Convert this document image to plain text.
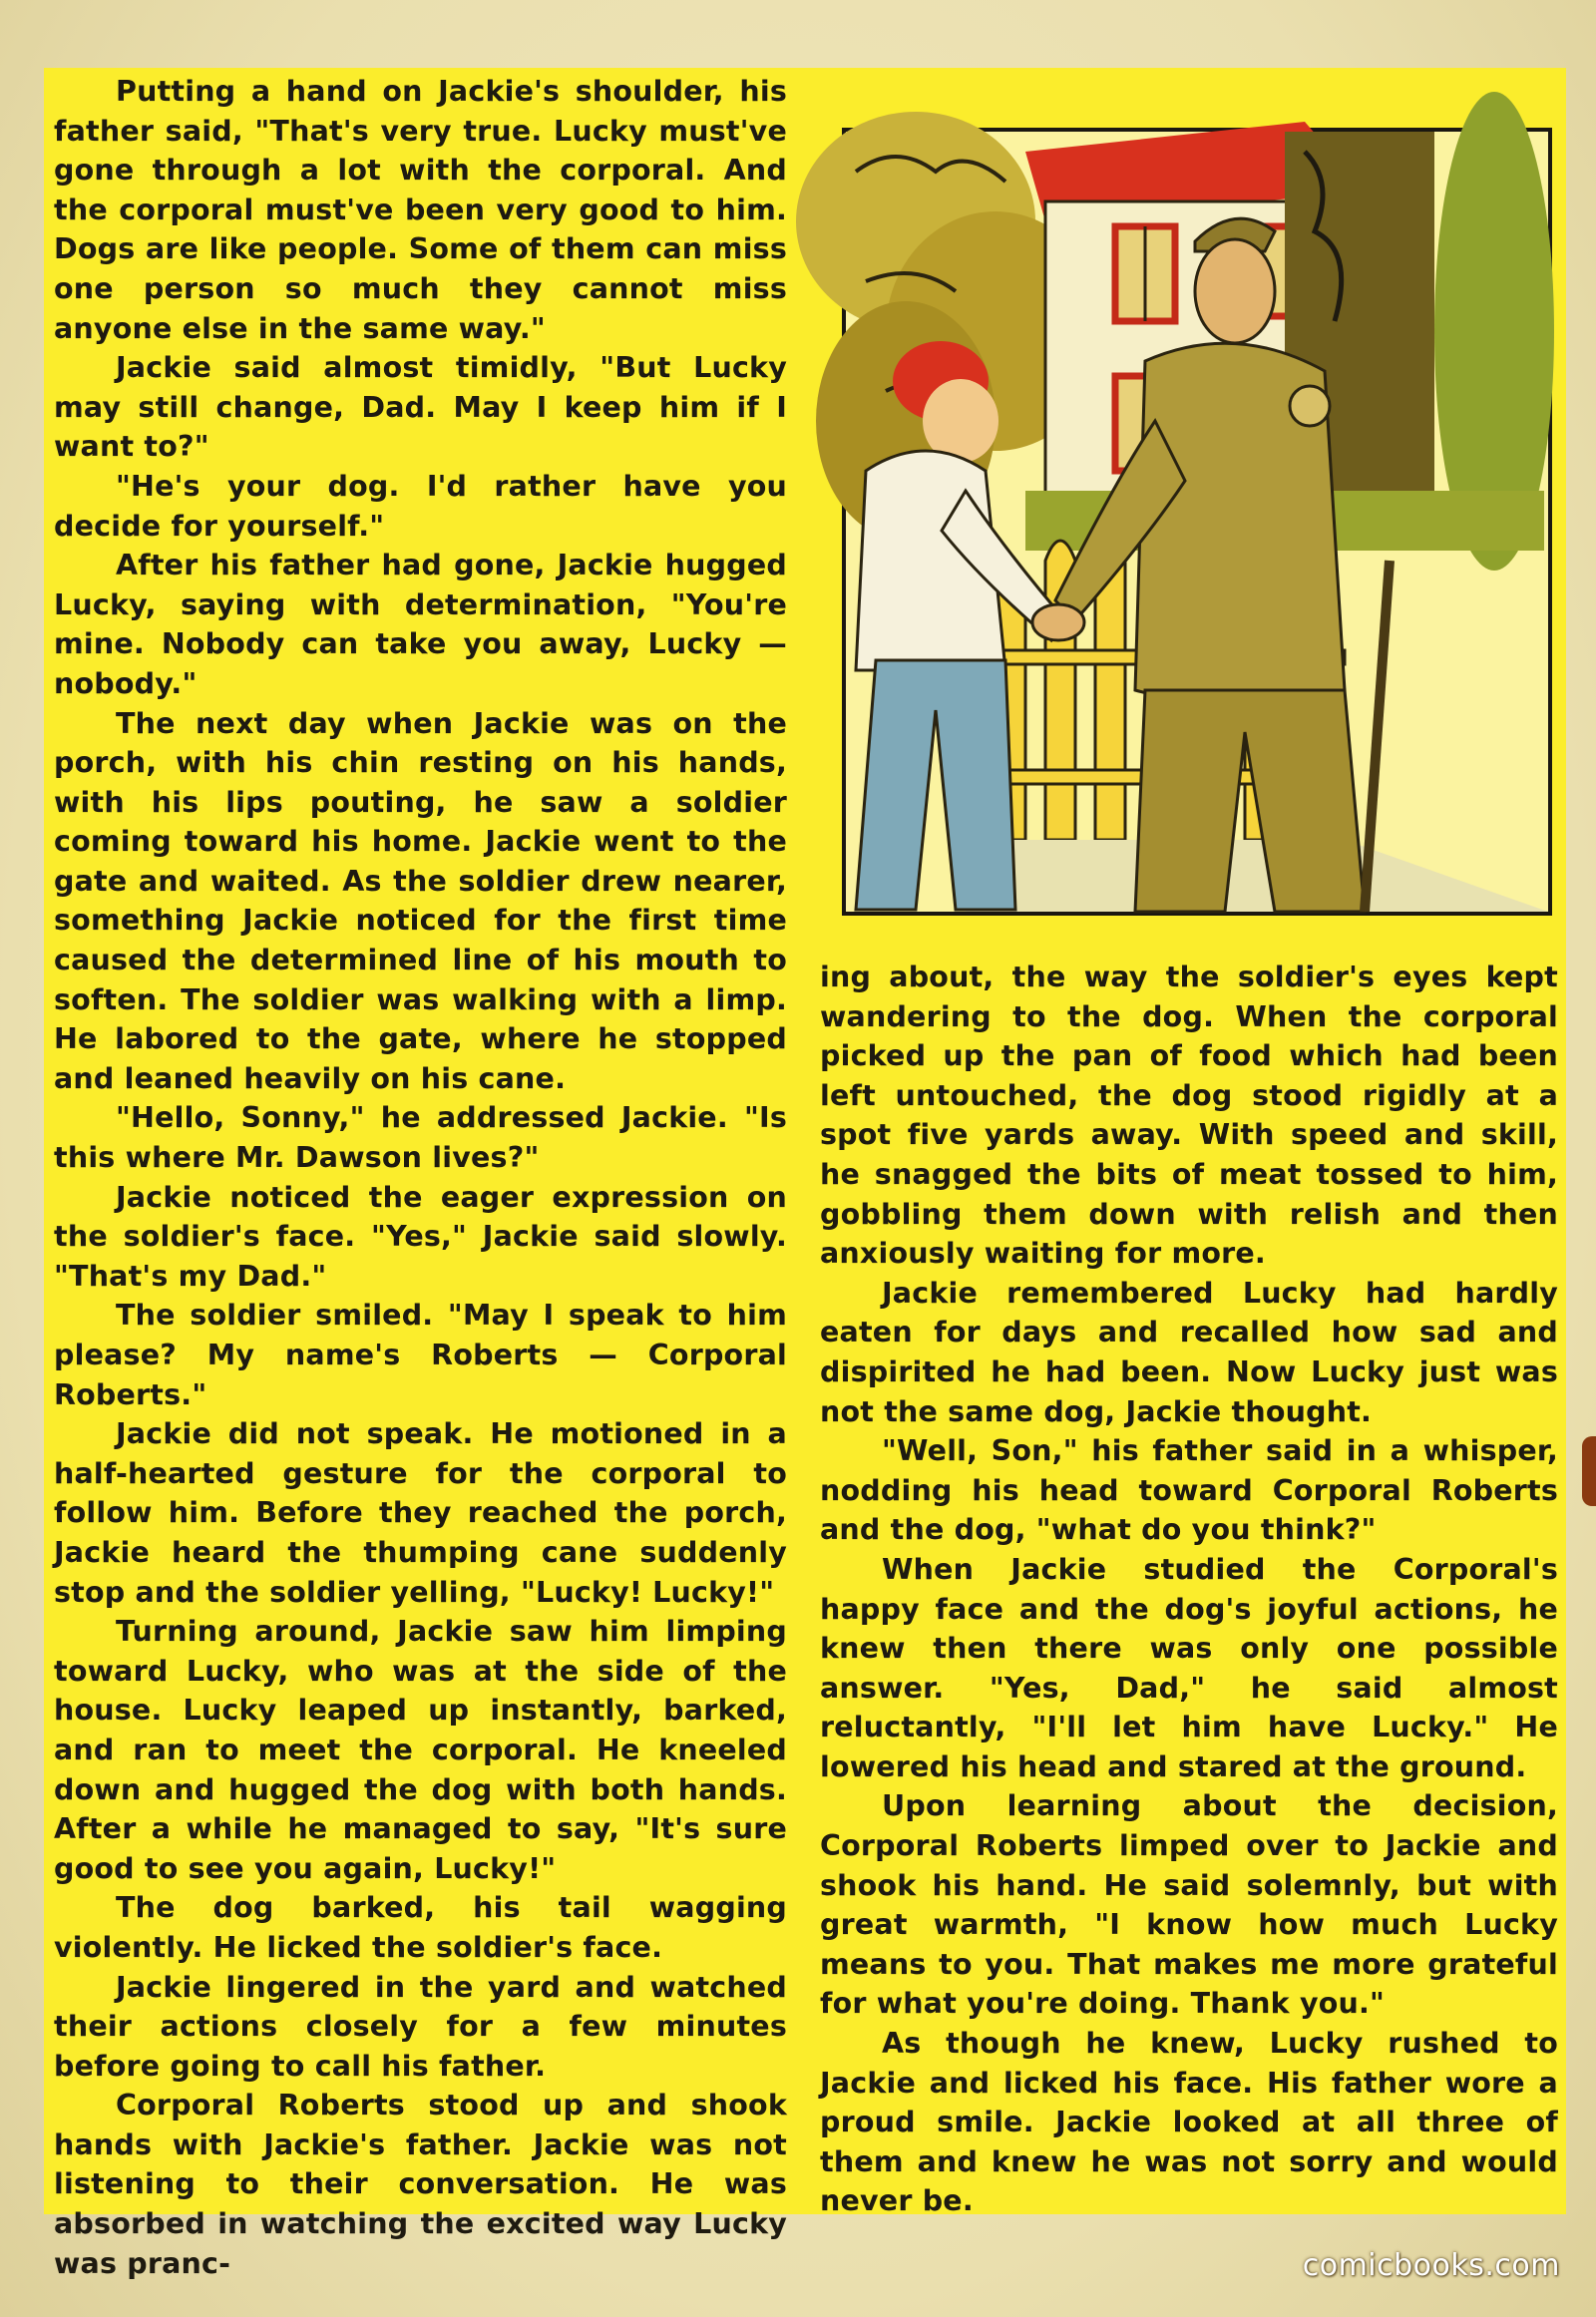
Putting a hand on Jackie's shoulder, his father said, "That's very true. Lucky must've gone through a lot with the corporal. And the corporal must've been very good to him. Dogs are like people. Some of them can miss one person so much they cannot miss anyone else in the same way."

Jackie said almost timidly, "But Lucky may still change, Dad. May I keep him if I want to?"

"He's your dog. I'd rather have you decide for yourself."

After his father had gone, Jackie hugged Lucky, saying with determination, "You're mine. Nobody can take you away, Lucky — nobody."

The next day when Jackie was on the porch, with his chin resting on his hands, with his lips pouting, he saw a soldier coming toward his home. Jackie went to the gate and waited. As the soldier drew nearer, something Jackie noticed for the first time caused the determined line of his mouth to soften. The soldier was walking with a limp. He labored to the gate, where he stopped and leaned heavily on his cane.

"Hello, Sonny," he addressed Jackie. "Is this where Mr. Dawson lives?"

Jackie noticed the eager expression on the soldier's face. "Yes," Jackie said slowly. "That's my Dad."

The soldier smiled. "May I speak to him please? My name's Roberts — Corporal Roberts."

Jackie did not speak. He motioned in a half-hearted gesture for the corporal to follow him. Before they reached the porch, Jackie heard the thumping cane suddenly stop and the soldier yelling, "Lucky! Lucky!"

Turning around, Jackie saw him limping toward Lucky, who was at the side of the house. Lucky leaped up instantly, barked, and ran to meet the corporal. He kneeled down and hugged the dog with both hands. After a while he managed to say, "It's sure good to see you again, Lucky!"

The dog barked, his tail wagging violently. He licked the soldier's face.

Jackie lingered in the yard and watched their actions closely for a few minutes before going to call his father.

Corporal Roberts stood up and shook hands with Jackie's father. Jackie was not listening to their conversation. He was absorbed in watching the excited way Lucky was pranc-

ing about, the way the soldier's eyes kept wandering to the dog. When the corporal picked up the pan of food which had been left untouched, the dog stood rigidly at a spot five yards away. With speed and skill, he snagged the bits of meat tossed to him, gobbling them down with relish and then anxiously waiting for more.

Jackie remembered Lucky had hardly eaten for days and recalled how sad and dispirited he had been. Now Lucky just was not the same dog, Jackie thought.

"Well, Son," his father said in a whisper, nodding his head toward Corporal Roberts and the dog, "what do you think?"

When Jackie studied the Corporal's happy face and the dog's joyful actions, he knew then there was only one possible answer. "Yes, Dad," he said almost reluctantly, "I'll let him have Lucky." He lowered his head and stared at the ground.

Upon learning about the decision, Corporal Roberts limped over to Jackie and shook his hand. He said solemnly, but with great warmth, "I know how much Lucky means to you. That makes me more grateful for what you're doing. Thank you."

As though he knew, Lucky rushed to Jackie and licked his face. His father wore a proud smile. Jackie looked at all three of them and knew he was not sorry and would never be.

comicbooks.com
